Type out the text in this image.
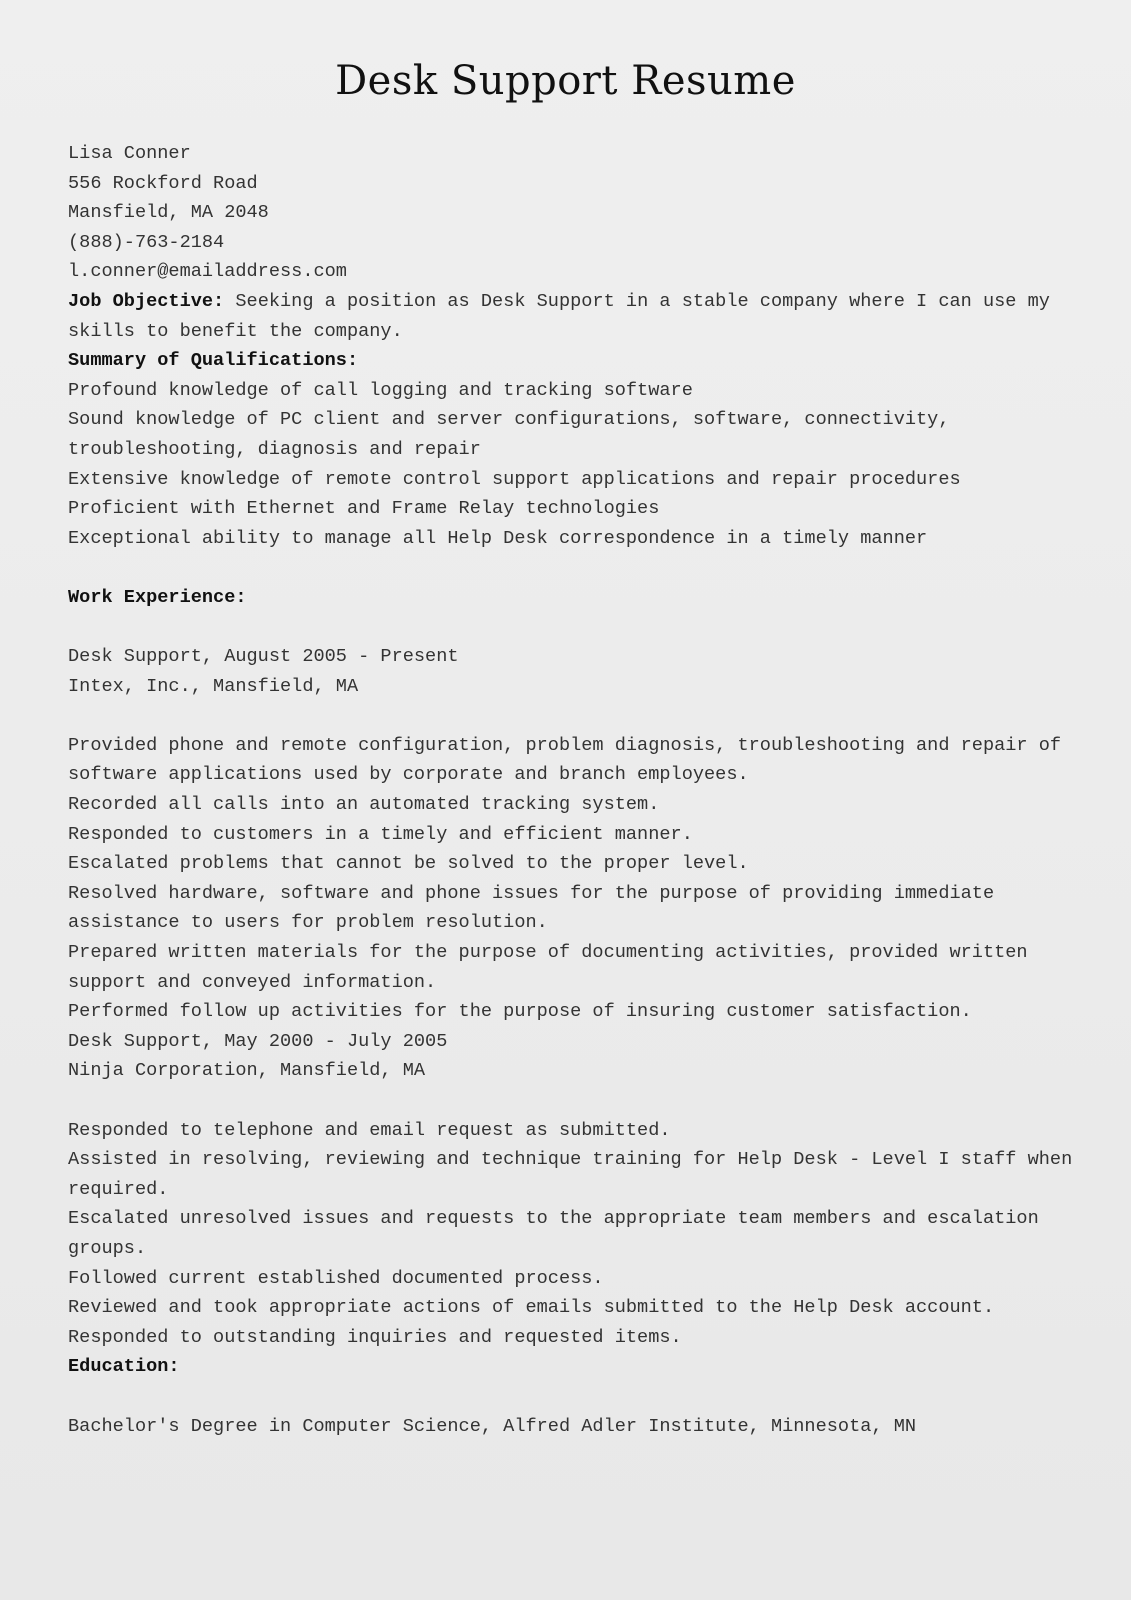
Desk Support Resume
Lisa Conner
556 Rockford Road
Mansfield, MA 2048
(888)-763-2184
l.conner@emailaddress.com
Job Objective: Seeking a position as Desk Support in a stable company where I can use my skills to benefit the company.
Summary of Qualifications:
Profound knowledge of call logging and tracking software
Sound knowledge of PC client and server configurations, software, connectivity, troubleshooting, diagnosis and repair
Extensive knowledge of remote control support applications and repair procedures
Proficient with Ethernet and Frame Relay technologies
Exceptional ability to manage all Help Desk correspondence in a timely manner
Work Experience:
Desk Support, August 2005 - Present
Intex, Inc., Mansfield, MA
Provided phone and remote configuration, problem diagnosis, troubleshooting and repair of software applications used by corporate and branch employees.
Recorded all calls into an automated tracking system.
Responded to customers in a timely and efficient manner.
Escalated problems that cannot be solved to the proper level.
Resolved hardware, software and phone issues for the purpose of providing immediate assistance to users for problem resolution.
Prepared written materials for the purpose of documenting activities, provided written support and conveyed information.
Performed follow up activities for the purpose of insuring customer satisfaction.
Desk Support, May 2000 - July 2005
Ninja Corporation, Mansfield, MA
Responded to telephone and email request as submitted.
Assisted in resolving, reviewing and technique training for Help Desk - Level I staff when required.
Escalated unresolved issues and requests to the appropriate team members and escalation groups.
Followed current established documented process.
Reviewed and took appropriate actions of emails submitted to the Help Desk account.
Responded to outstanding inquiries and requested items.
Education:
Bachelor's Degree in Computer Science, Alfred Adler Institute, Minnesota, MN
